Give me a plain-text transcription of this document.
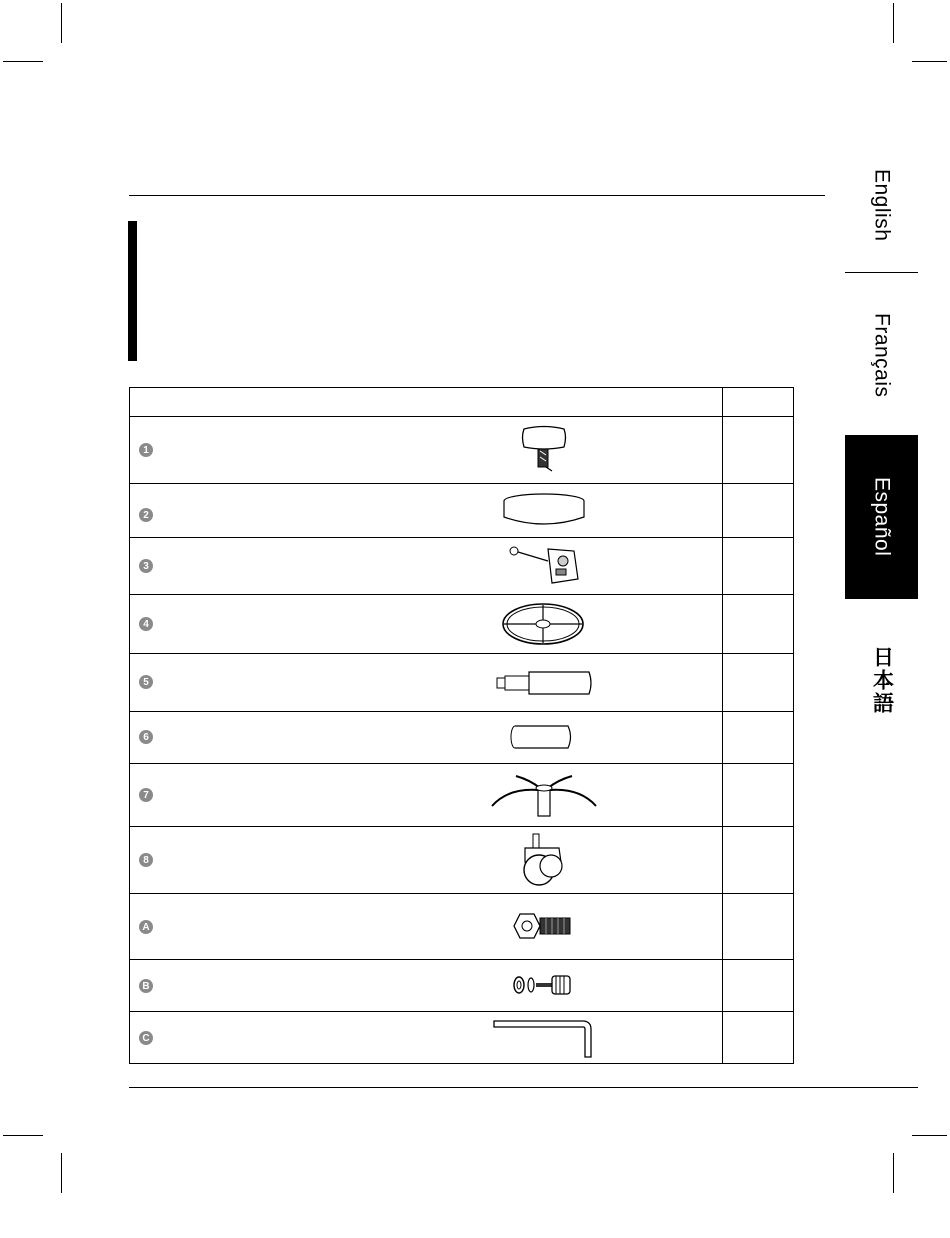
English
Français
Español
日本語

1	

2	

3	

4	

5	

6	

7	

8	

A	

B	

C	
